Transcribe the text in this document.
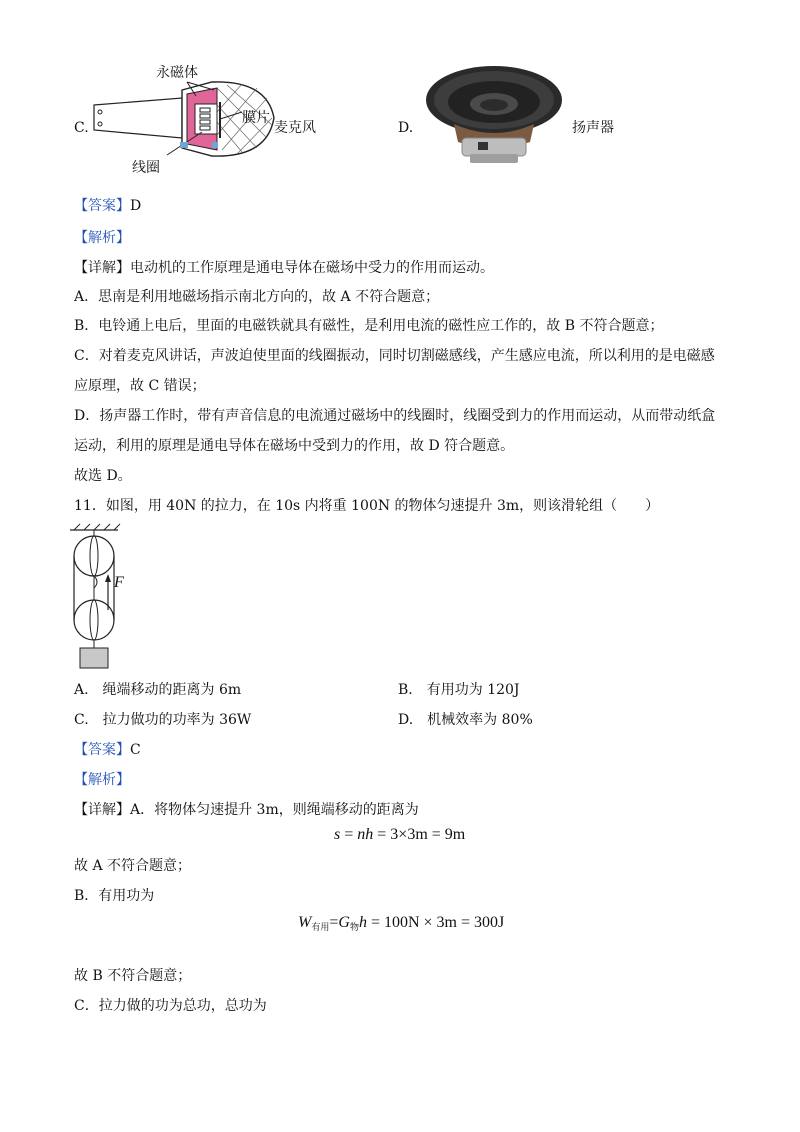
C.
永磁体
膜片
线圈
麦克风	D.	扬声器
【答案】D
【解析】
【详解】电动机的工作原理是通电导体在磁场中受力的作用而运动。
A．思南是利用地磁场指示南北方向的，故 A 不符合题意；
B．电铃通上电后，里面的电磁铁就具有磁性，是利用电流的磁性应工作的，故 B 不符合题意；
C．对着麦克风讲话，声波迫使里面的线圈振动，同时切割磁感线，产生感应电流，所以利用的是电磁感
应原理，故 C 错误；
D．扬声器工作时，带有声音信息的电流通过磁场中的线圈时，线圈受到力的作用而运动，从而带动纸盒
运动，利用的原理是通电导体在磁场中受到力的作用，故 D 符合题意。
故选 D。
11．如图，用 40N 的拉力，在 10s 内将重 100N 的物体匀速提升 3m，则该滑轮组（　　）
F
A.　绳端移动的距离为 6m	B.　有用功为 120J
C.　拉力做功的功率为 36W	D.　机械效率为 80%
【答案】C
【解析】
【详解】A．将物体匀速提升 3m，则绳端移动的距离为
s = nh = 3×3m = 9m
故 A 不符合题意；
B．有用功为
$W_{有用}=G_物h = 100N \times 3m = 300J$
故 B 不符合题意；
C．拉力做的功为总功，总功为
